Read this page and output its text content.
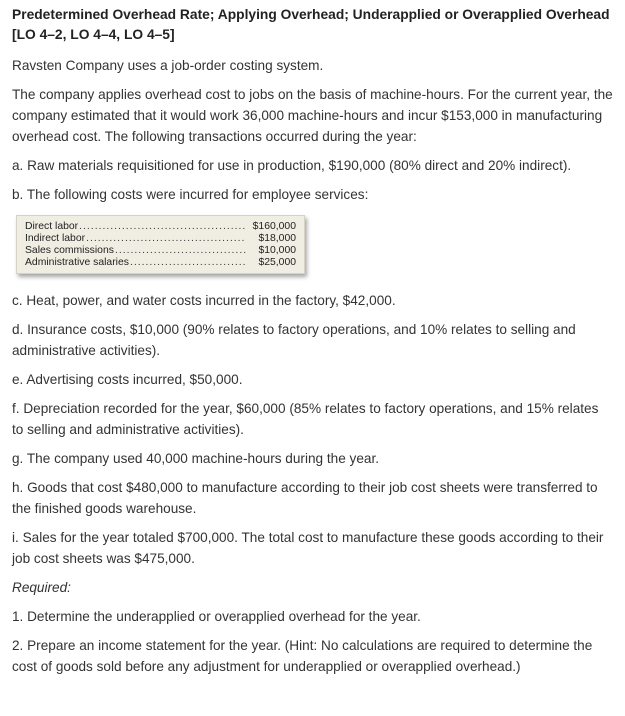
Predetermined Overhead Rate; Applying Overhead; Underapplied or Overapplied Overhead [LO 4–2, LO 4–4, LO 4–5]

Ravsten Company uses a job-order costing system.

The company applies overhead cost to jobs on the basis of machine-hours. For the current year, the company estimated that it would work 36,000 machine-hours and incur $153,000 in manufacturing overhead cost. The following transactions occurred during the year:

a. Raw materials requisitioned for use in production, $190,000 (80% direct and 20% indirect).

b. The following costs were incurred for employee services:

Direct labor .....	$160,000
Indirect labor .....	$18,000
Sales commissions .....	$10,000
Administrative salaries .....	$25,000

c. Heat, power, and water costs incurred in the factory, $42,000.

d. Insurance costs, $10,000 (90% relates to factory operations, and 10% relates to selling and administrative activities).

e. Advertising costs incurred, $50,000.

f. Depreciation recorded for the year, $60,000 (85% relates to factory operations, and 15% relates to selling and administrative activities).

g. The company used 40,000 machine-hours during the year.

h. Goods that cost $480,000 to manufacture according to their job cost sheets were transferred to the finished goods warehouse.

i. Sales for the year totaled $700,000. The total cost to manufacture these goods according to their job cost sheets was $475,000.

Required:

1. Determine the underapplied or overapplied overhead for the year.

2. Prepare an income statement for the year. (Hint: No calculations are required to determine the cost of goods sold before any adjustment for underapplied or overapplied overhead.)
